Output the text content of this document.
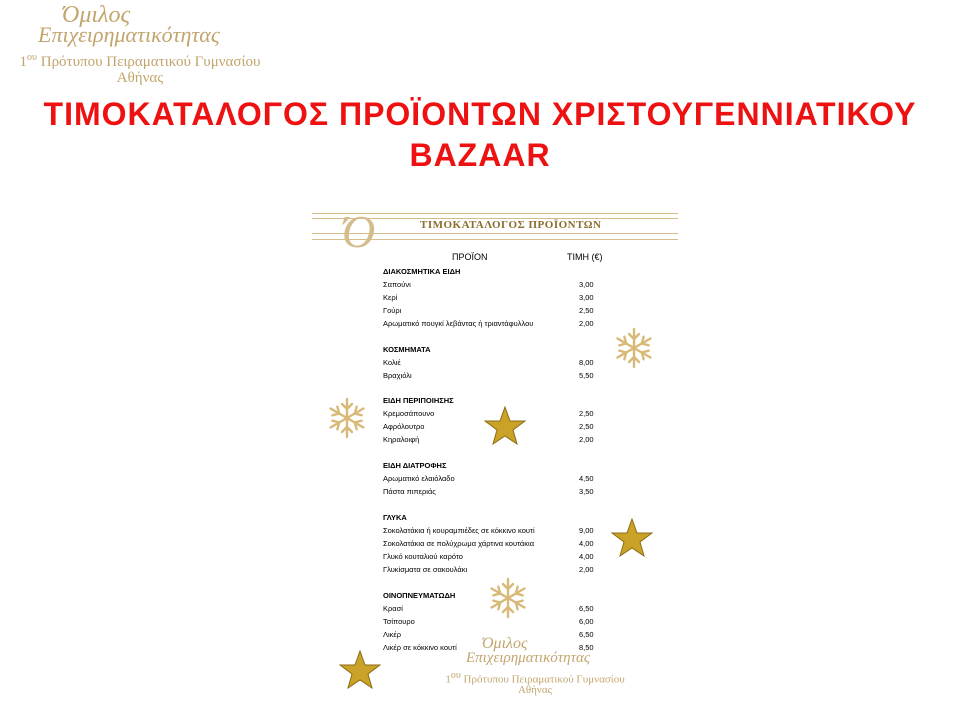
Όμιλος
Επιχειρηματικότητας
$1^{o\upsilon}$ Πρότυπου Πειραματικού Γυμνασίου
Αθήνας
ΤΙΜΟΚΑΤΑΛΟΓΟΣ ΠΡΟΪΟΝΤΩΝ ΧΡΙΣΤΟΥΓΕΝΝΙΑΤΙΚΟΥ
BAZAAR
Ό	ΤΙΜΟΚΑΤΑΛΟΓΟΣ ΠΡΟΪΟΝΤΩΝ
ΠΡΟΪΟΝ	ΤΙΜΗ (€)
ΔΙΑΚΟΣΜΗΤΙΚΑ ΕΙΔΗ
Σαπούνι	3,00
Κερί	3,00
Γούρι	2,50
Αρωματικό πουγκί λεβάντας ή τριαντάφυλλου	2,00
ΚΟΣΜΗΜΑΤΑ
Κολιέ	8,00
Βραχιόλι	5,50
ΕΙΔΗ ΠΕΡΙΠΟΙΗΣΗΣ
Κρεμοσάπουνο	2,50
Αφρόλουτρο	2,50
Κηραλοιφή	2,00
ΕΙΔΗ ΔΙΑΤΡΟΦΗΣ
Αρωματικό ελαιόλαδο	4,50
Πάστα πιπεριάς	3,50
ΓΛΥΚΑ
Σοκολατάκια ή κουραμπιέδες σε κόκκινο κουτί	9,00
Σοκολατάκια σε πολύχρωμα χάρτινα κουτάκια	4,00
Γλυκό κουταλιού καρότο	4,00
Γλυκίσματα σε σακουλάκι	2,00
ΟΙΝΟΠΝΕΥΜΑΤΩΔΗ
Κρασί	6,50
Τσίπουρο	6,00
Λικέρ	6,50
Λικέρ σε κόκκινο κουτί	8,50
Όμιλος
Επιχειρηματικότητας
1ου Πρότυπου Πειραματικού Γυμνασίου
Αθήνας
